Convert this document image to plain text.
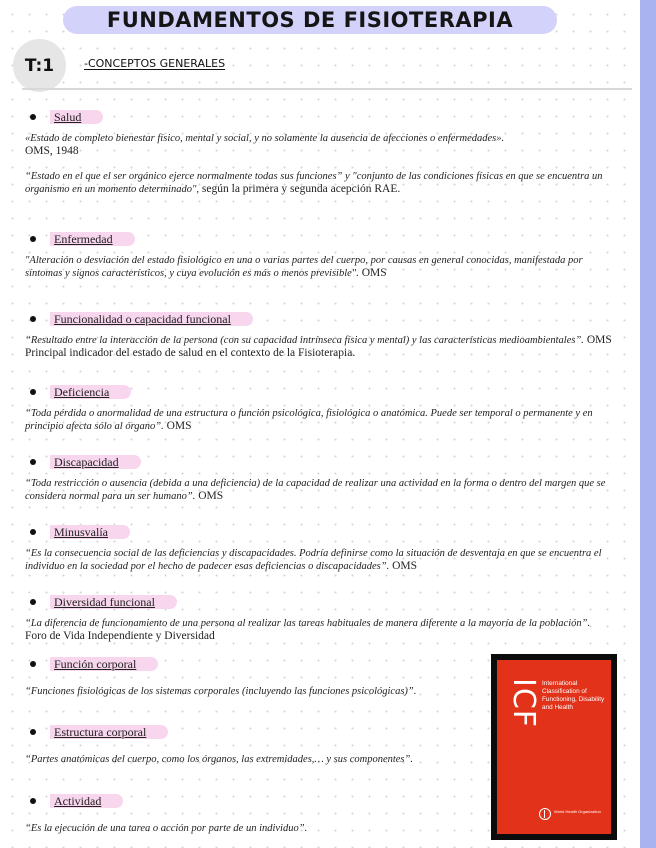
FUNDAMENTOS DE FISIOTERAPIA
T:1	-CONCEPTOS GENERALES
Salud
«Estado de completo bienestar físico, mental y social, y no solamente la ausencia de afecciones o enfermedades».
OMS, 1948
“Estado en el que el ser orgánico ejerce normalmente todas sus funciones” y "conjunto de las condiciones físicas en que se encuentra un organismo en un momento determinado", según la primera y segunda acepción RAE.
Enfermedad
"Alteración o desviación del estado fisiológico en una o varias partes del cuerpo, por causas en general conocidas, manifestada por síntomas y signos característicos, y cuya evolución es más o menos previsible". OMS
Funcionalidad o capacidad funcional
“Resultado entre la interacción de la persona (con su capacidad intrínseca física y mental) y las características medioambientales”. OMS
Principal indicador del estado de salud en el contexto de la Fisioterapia.
Deficiencia
“Toda pérdida o anormalidad de una estructura o función psicológica, fisiológica o anatómica. Puede ser temporal o permanente y en principio afecta sólo al órgano”. OMS
Discapacidad
“Toda restricción o ausencia (debida a una deficiencia) de la capacidad de realizar una actividad en la forma o dentro del margen que se considera normal para un ser humano”. OMS
Minusvalía
“Es la consecuencia social de las deficiencias y discapacidades. Podría definirse como la situación de desventaja en que se encuentra el individuo en la sociedad por el hecho de padecer esas deficiencias o discapacidades”. OMS
Diversidad funcional
“La diferencia de funcionamiento de una persona al realizar las tareas habituales de manera diferente a la mayoría de la población”. Foro de Vida Independiente y Diversidad
Función corporal
“Funciones fisiológicas de los sistemas corporales (incluyendo las funciones psicológicas)”.
Estructura corporal
“Partes anatómicas del cuerpo, como los órganos, las extremidades,… y sus componentes”.
Actividad
“Es la ejecución de una tarea o acción por parte de un individuo”.
ICF International Classification of Functioning, Disability and Health
World Health Organization
